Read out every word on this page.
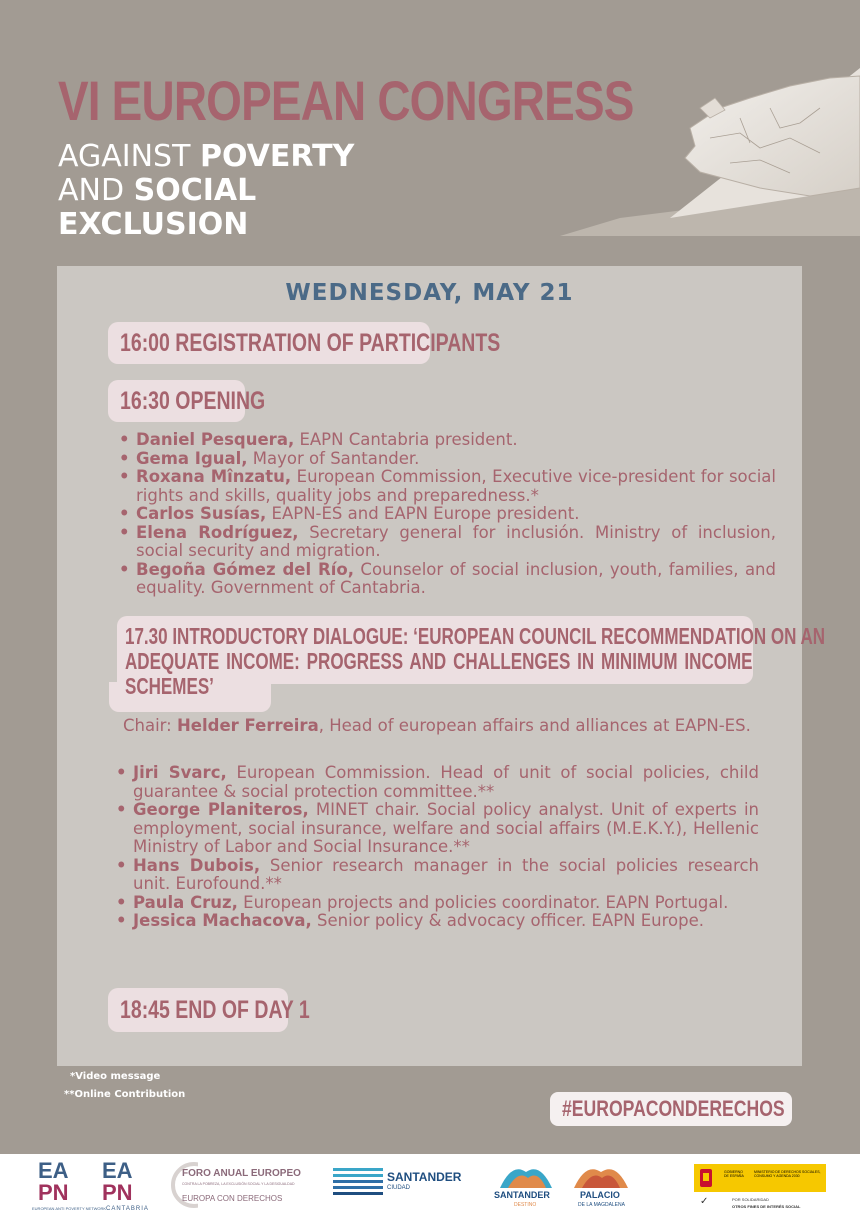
VI EUROPEAN CONGRESS
AGAINST POVERTY
AND SOCIAL
EXCLUSION
WEDNESDAY, MAY 21
16:00 REGISTRATION OF PARTICIPANTS
16:30 OPENING
• Daniel Pesquera, EAPN Cantabria president.
• Gema Igual, Mayor of Santander.
• Roxana Mînzatu, European Commission, Executive vice-president for social rights and skills, quality jobs and preparedness.*
• Carlos Susías, EAPN-ES and EAPN Europe president.
• Elena Rodríguez, Secretary general for inclusión. Ministry of inclusion, social security and migration.
• Begoña Gómez del Río, Counselor of social inclusion, youth, families, and equality. Government of Cantabria.
17.30 INTRODUCTORY DIALOGUE: ‘EUROPEAN COUNCIL RECOMMENDATION ON AN
ADEQUATE INCOME: PROGRESS AND CHALLENGES IN MINIMUM INCOME
SCHEMES’

Chair: Helder Ferreira, Head of european affairs and alliances at EAPN-ES.

• Jiri Svarc, European Commission. Head of unit of social policies, child guarantee & social protection committee.**
• George Planiteros, MINET chair. Social policy analyst. Unit of experts in employment, social insurance, welfare and social affairs (M.E.K.Y.), Hellenic Ministry of Labor and Social Insurance.**
• Hans Dubois, Senior research manager in the social policies research unit. Eurofound.**
• Paula Cruz, European projects and policies coordinator. EAPN Portugal.
• Jessica Machacova, Senior policy & advocacy officer. EAPN Europe.
18:45 END OF DAY 1

*Video message

**Online Contribution

#EUROPACONDERECHOS
EA
PN
EUROPEAN ANTI POVERTY NETWORK
EA
PN
CANTABRIA
FORO ANUAL EUROPEO
CONTRA LA POBREZA, LA EXCLUSIÓN SOCIAL Y LA DESIGUALDAD
EUROPA CON DERECHOS
SANTANDER
CIUDAD
SANTANDER
DESTINO
PALACIO
DE LA MAGDALENA
GOBIERNO DE ESPAÑA
MINISTERIO DE DERECHOS SOCIALES, CONSUMO Y AGENDA 2030
✓	POR SOLIDARIDAD
OTROS FINES DE INTERÉS SOCIAL
